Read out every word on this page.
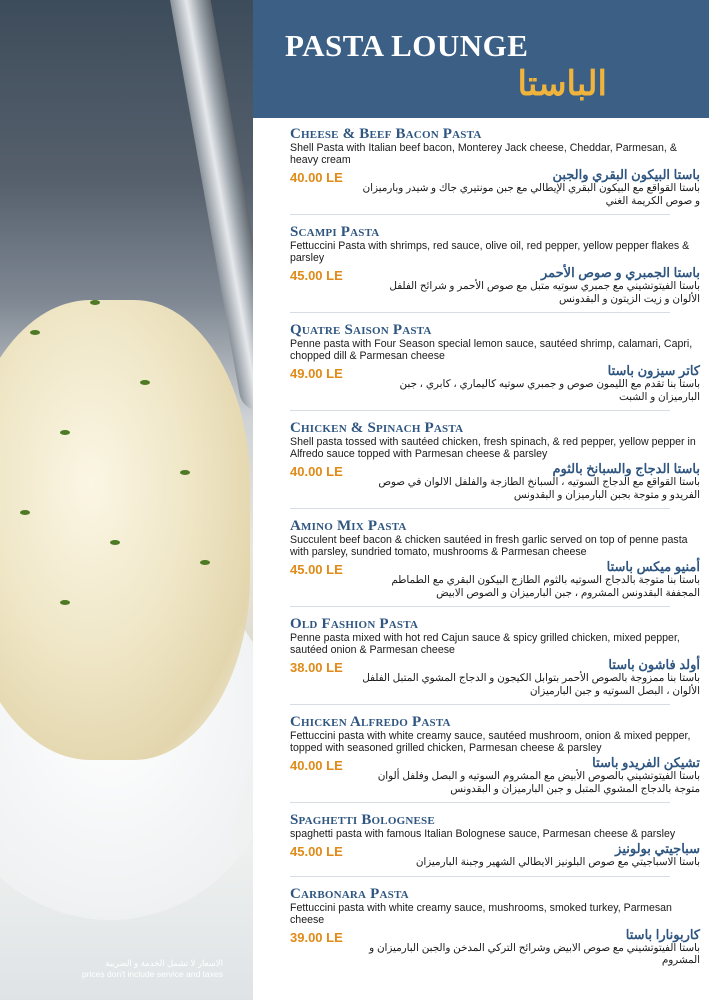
الاسعار لا تشمل الخدمة و الضريبة
prices don't include service and taxes
PASTA LOUNGE
الباستا
Cheese & Beef Bacon Pasta
Shell Pasta with Italian beef bacon, Monterey Jack cheese, Cheddar, Parmesan, & heavy cream
40.00 LE	باستا البيكون البقري والجبن
باستا القواقع مع البيكون البقري الإيطالي مع جبن مونتيري جاك و شيدر وبارميزان و صوص الكريمة الغني
Scampi Pasta
Fettuccini Pasta with shrimps, red sauce, olive oil, red pepper, yellow pepper flakes & parsley
45.00 LE	باستا الجمبري و صوص الأحمر
باستا الفيتوتشيني مع جمبري سوتيه متبل مع صوص الأحمر و شرائح الفلفل الألوان و زيت الزيتون و البقدونس
Quatre Saison Pasta
Penne pasta with Four Season special lemon sauce, sautéed shrimp, calamari, Capri, chopped dill & Parmesan cheese
49.00 LE	كاتر سيزون باستا
باستا بنا تقدم مع الليمون صوص و جمبري سوتيه كاليماري ، كابري ، جبن البارميزان و الشبت
Chicken & Spinach Pasta
Shell pasta tossed with sautéed chicken, fresh spinach, & red pepper, yellow pepper in Alfredo sauce topped with Parmesan cheese & parsley
40.00 LE	باستا الدجاج والسبانخ بالثوم
باستا القواقع مع الدجاج السوتيه ، السبانخ الطازجة والفلفل الالوان في صوص الفريدو و متوجة بجبن البارميزان و البقدونس
Amino Mix Pasta
Succulent beef bacon & chicken sautéed in fresh garlic served on top of penne pasta with parsley, sundried tomato, mushrooms & Parmesan cheese
45.00 LE	أمنيو ميكس باستا
باستا بنا متوجة بالدجاج السوتيه بالثوم الطازج البيكون البقري مع الطماطم المجففة البقدونس المشروم ، جبن البارميزان و الصوص الابيض
Old Fashion Pasta
Penne pasta mixed with hot red Cajun sauce & spicy grilled chicken, mixed pepper, sautéed onion & Parmesan cheese
38.00 LE	أولد فاشون باستا
باستا بنا ممزوجة بالصوص الأحمر بتوابل الكيجون و الدجاج المشوي المتبل الفلفل الألوان ، البصل السوتيه و جبن البارميزان
Chicken Alfredo Pasta
Fettuccini pasta with white creamy sauce, sautéed mushroom, onion & mixed pepper, topped with seasoned grilled chicken, Parmesan cheese & parsley
40.00 LE	تشيكن الفريدو باستا
باستا الفيتوتشيني بالصوص الأبيض مع المشروم السوتيه و البصل وفلفل ألوان متوجة بالدجاج المشوي المتبل و جبن البارميزان و البقدونس
Spaghetti Bolognese
spaghetti pasta with famous Italian Bolognese sauce, Parmesan cheese & parsley
45.00 LE	سباجيتي بولونيز
باستا الاسباجيتي مع صوص البلونيز الايطالي الشهير وجبنة البارميزان
Carbonara Pasta
Fettuccini pasta with white creamy sauce, mushrooms, smoked turkey, Parmesan cheese
39.00 LE	كاربونارا باستا
باستا الفيتوتشيني مع صوص الابيض وشرائح التركي المدخن والجبن البارميزان و المشروم
